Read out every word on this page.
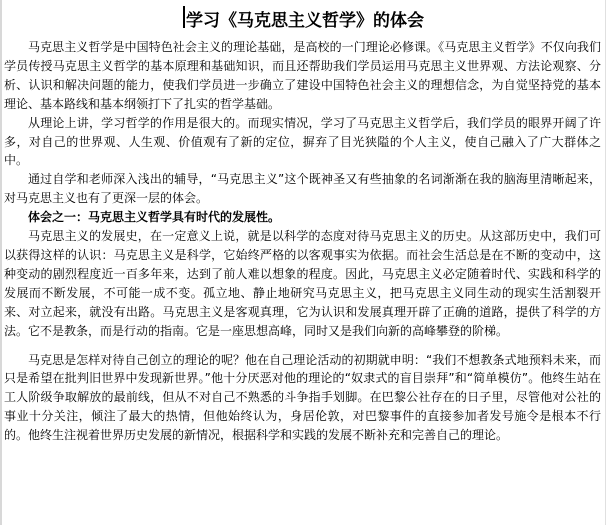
学习《马克思主义哲学》的体会

马克思主义哲学是中国特色社会主义的理论基础，是高校的一门理论必修课。《马克思主义哲学》不仅向我们学员传授马克思主义哲学的基本原理和基础知识，而且还帮助我们学员运用马克思主义世界观、方法论观察、分析、认识和解决问题的能力，使我们学员进一步确立了建设中国特色社会主义的理想信念，为自觉坚持党的基本理论、基本路线和基本纲领打下了扎实的哲学基础。

从理论上讲，学习哲学的作用是很大的。而现实情况，学习了马克思主义哲学后，我们学员的眼界开阔了许多，对自己的世界观、人生观、价值观有了新的定位，摒弃了目光狭隘的个人主义，使自己融入了广大群体之中。

通过自学和老师深入浅出的辅导，“马克思主义”这个既神圣又有些抽象的名词渐渐在我的脑海里清晰起来，对马克思主义也有了更深一层的体会。

体会之一：马克思主义哲学具有时代的发展性。

马克思主义的发展史，在一定意义上说，就是以科学的态度对待马克思主义的历史。从这部历史中，我们可以获得这样的认识：马克思主义是科学，它始终严格的以客观事实为依据。而社会生活总是在不断的变动中，这种变动的剧烈程度近一百多年来，达到了前人难以想象的程度。因此，马克思主义必定随着时代、实践和科学的发展而不断发展，不可能一成不变。孤立地、静止地研究马克思主义，把马克思主义同生动的现实生活割裂开来、对立起来，就没有出路。马克思主义是客观真理，它为认识和发展真理开辟了正确的道路，提供了科学的方法。它不是教条，而是行动的指南。它是一座思想高峰，同时又是我们向新的高峰攀登的阶梯。

马克思是怎样对待自己创立的理论的呢？他在自己理论活动的初期就申明：“我们不想教条式地预料未来，而只是希望在批判旧世界中发现新世界。”他十分厌恶对他的理论的“奴隶式的盲目崇拜”和“简单模仿”。他终生站在工人阶级争取解放的最前线，但从不对自己不熟悉的斗争指手划脚。在巴黎公社存在的日子里，尽管他对公社的事业十分关注，倾注了最大的热情，但他始终认为，身居伦敦，对巴黎事件的直接参加者发号施令是根本不行的。他终生注视着世界历史发展的新情况，根据科学和实践的发展不断补充和完善自己的理论。
